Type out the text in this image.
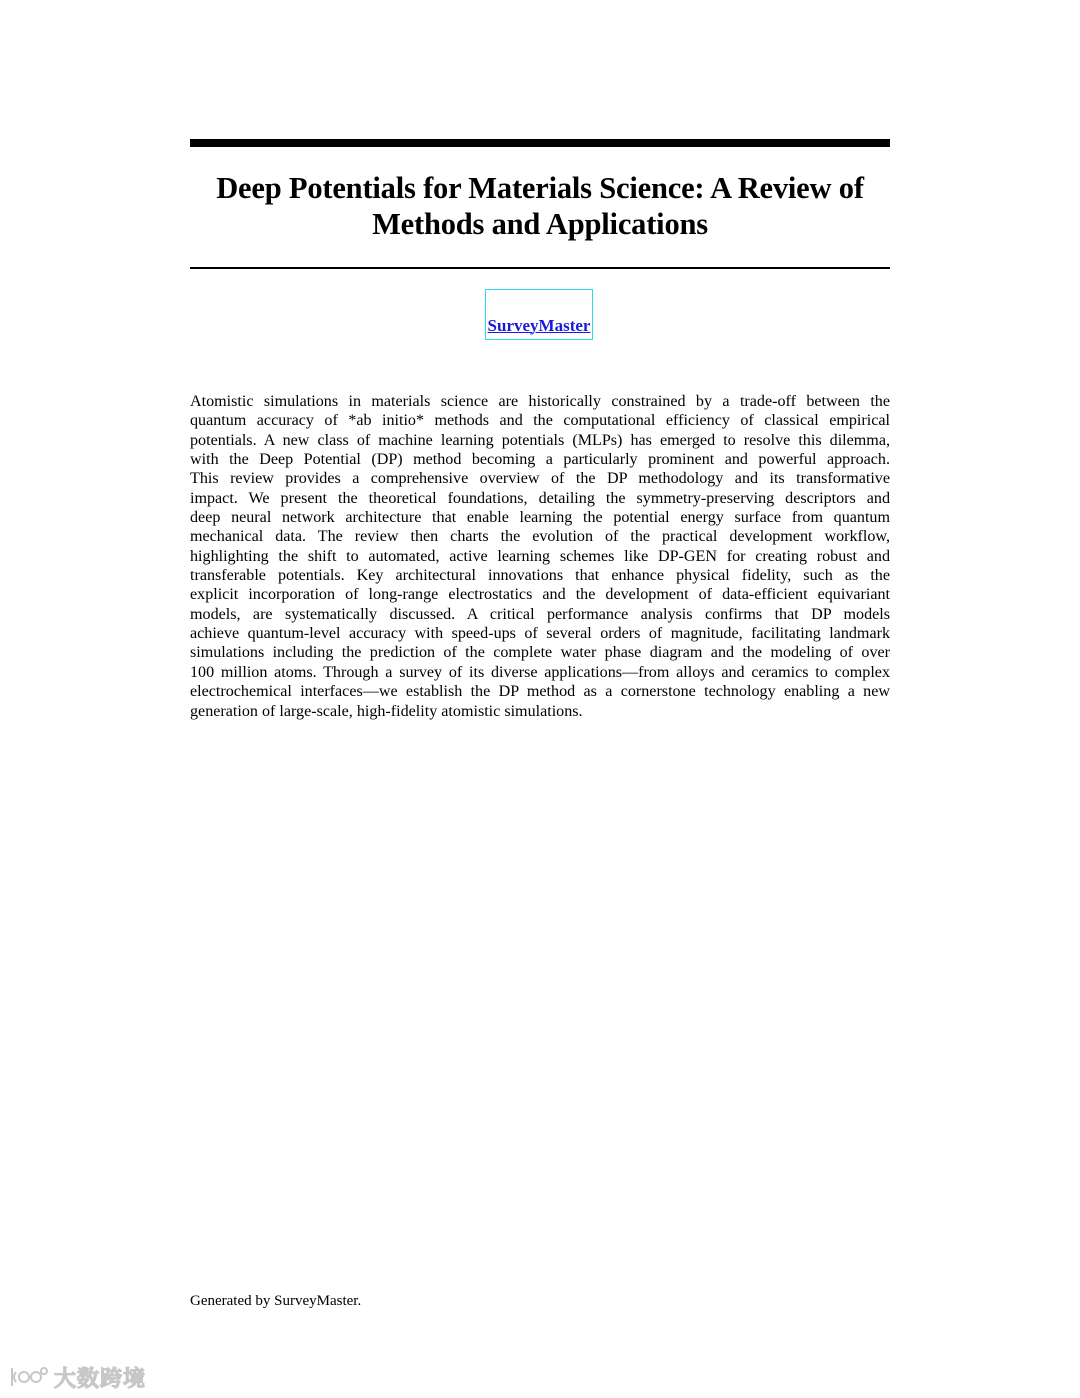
Deep Potentials for Materials Science: A Review of
Methods and Applications
SurveyMaster
Atomistic simulations in materials science are historically constrained by a trade-off between the
quantum accuracy of *ab initio* methods and the computational efficiency of classical empirical
potentials. A new class of machine learning potentials (MLPs) has emerged to resolve this dilemma,
with the Deep Potential (DP) method becoming a particularly prominent and powerful approach.
This review provides a comprehensive overview of the DP methodology and its transformative
impact. We present the theoretical foundations, detailing the symmetry-preserving descriptors and
deep neural network architecture that enable learning the potential energy surface from quantum
mechanical data. The review then charts the evolution of the practical development workflow,
highlighting the shift to automated, active learning schemes like DP-GEN for creating robust and
transferable potentials. Key architectural innovations that enhance physical fidelity, such as the
explicit incorporation of long-range electrostatics and the development of data-efficient equivariant
models, are systematically discussed. A critical performance analysis confirms that DP models
achieve quantum-level accuracy with speed-ups of several orders of magnitude, facilitating landmark
simulations including the prediction of the complete water phase diagram and the modeling of over
100 million atoms. Through a survey of its diverse applications—from alloys and ceramics to complex
electrochemical interfaces—we establish the DP method as a cornerstone technology enabling a new
generation of large-scale, high-fidelity atomistic simulations.
Generated by SurveyMaster.
大数跨境
